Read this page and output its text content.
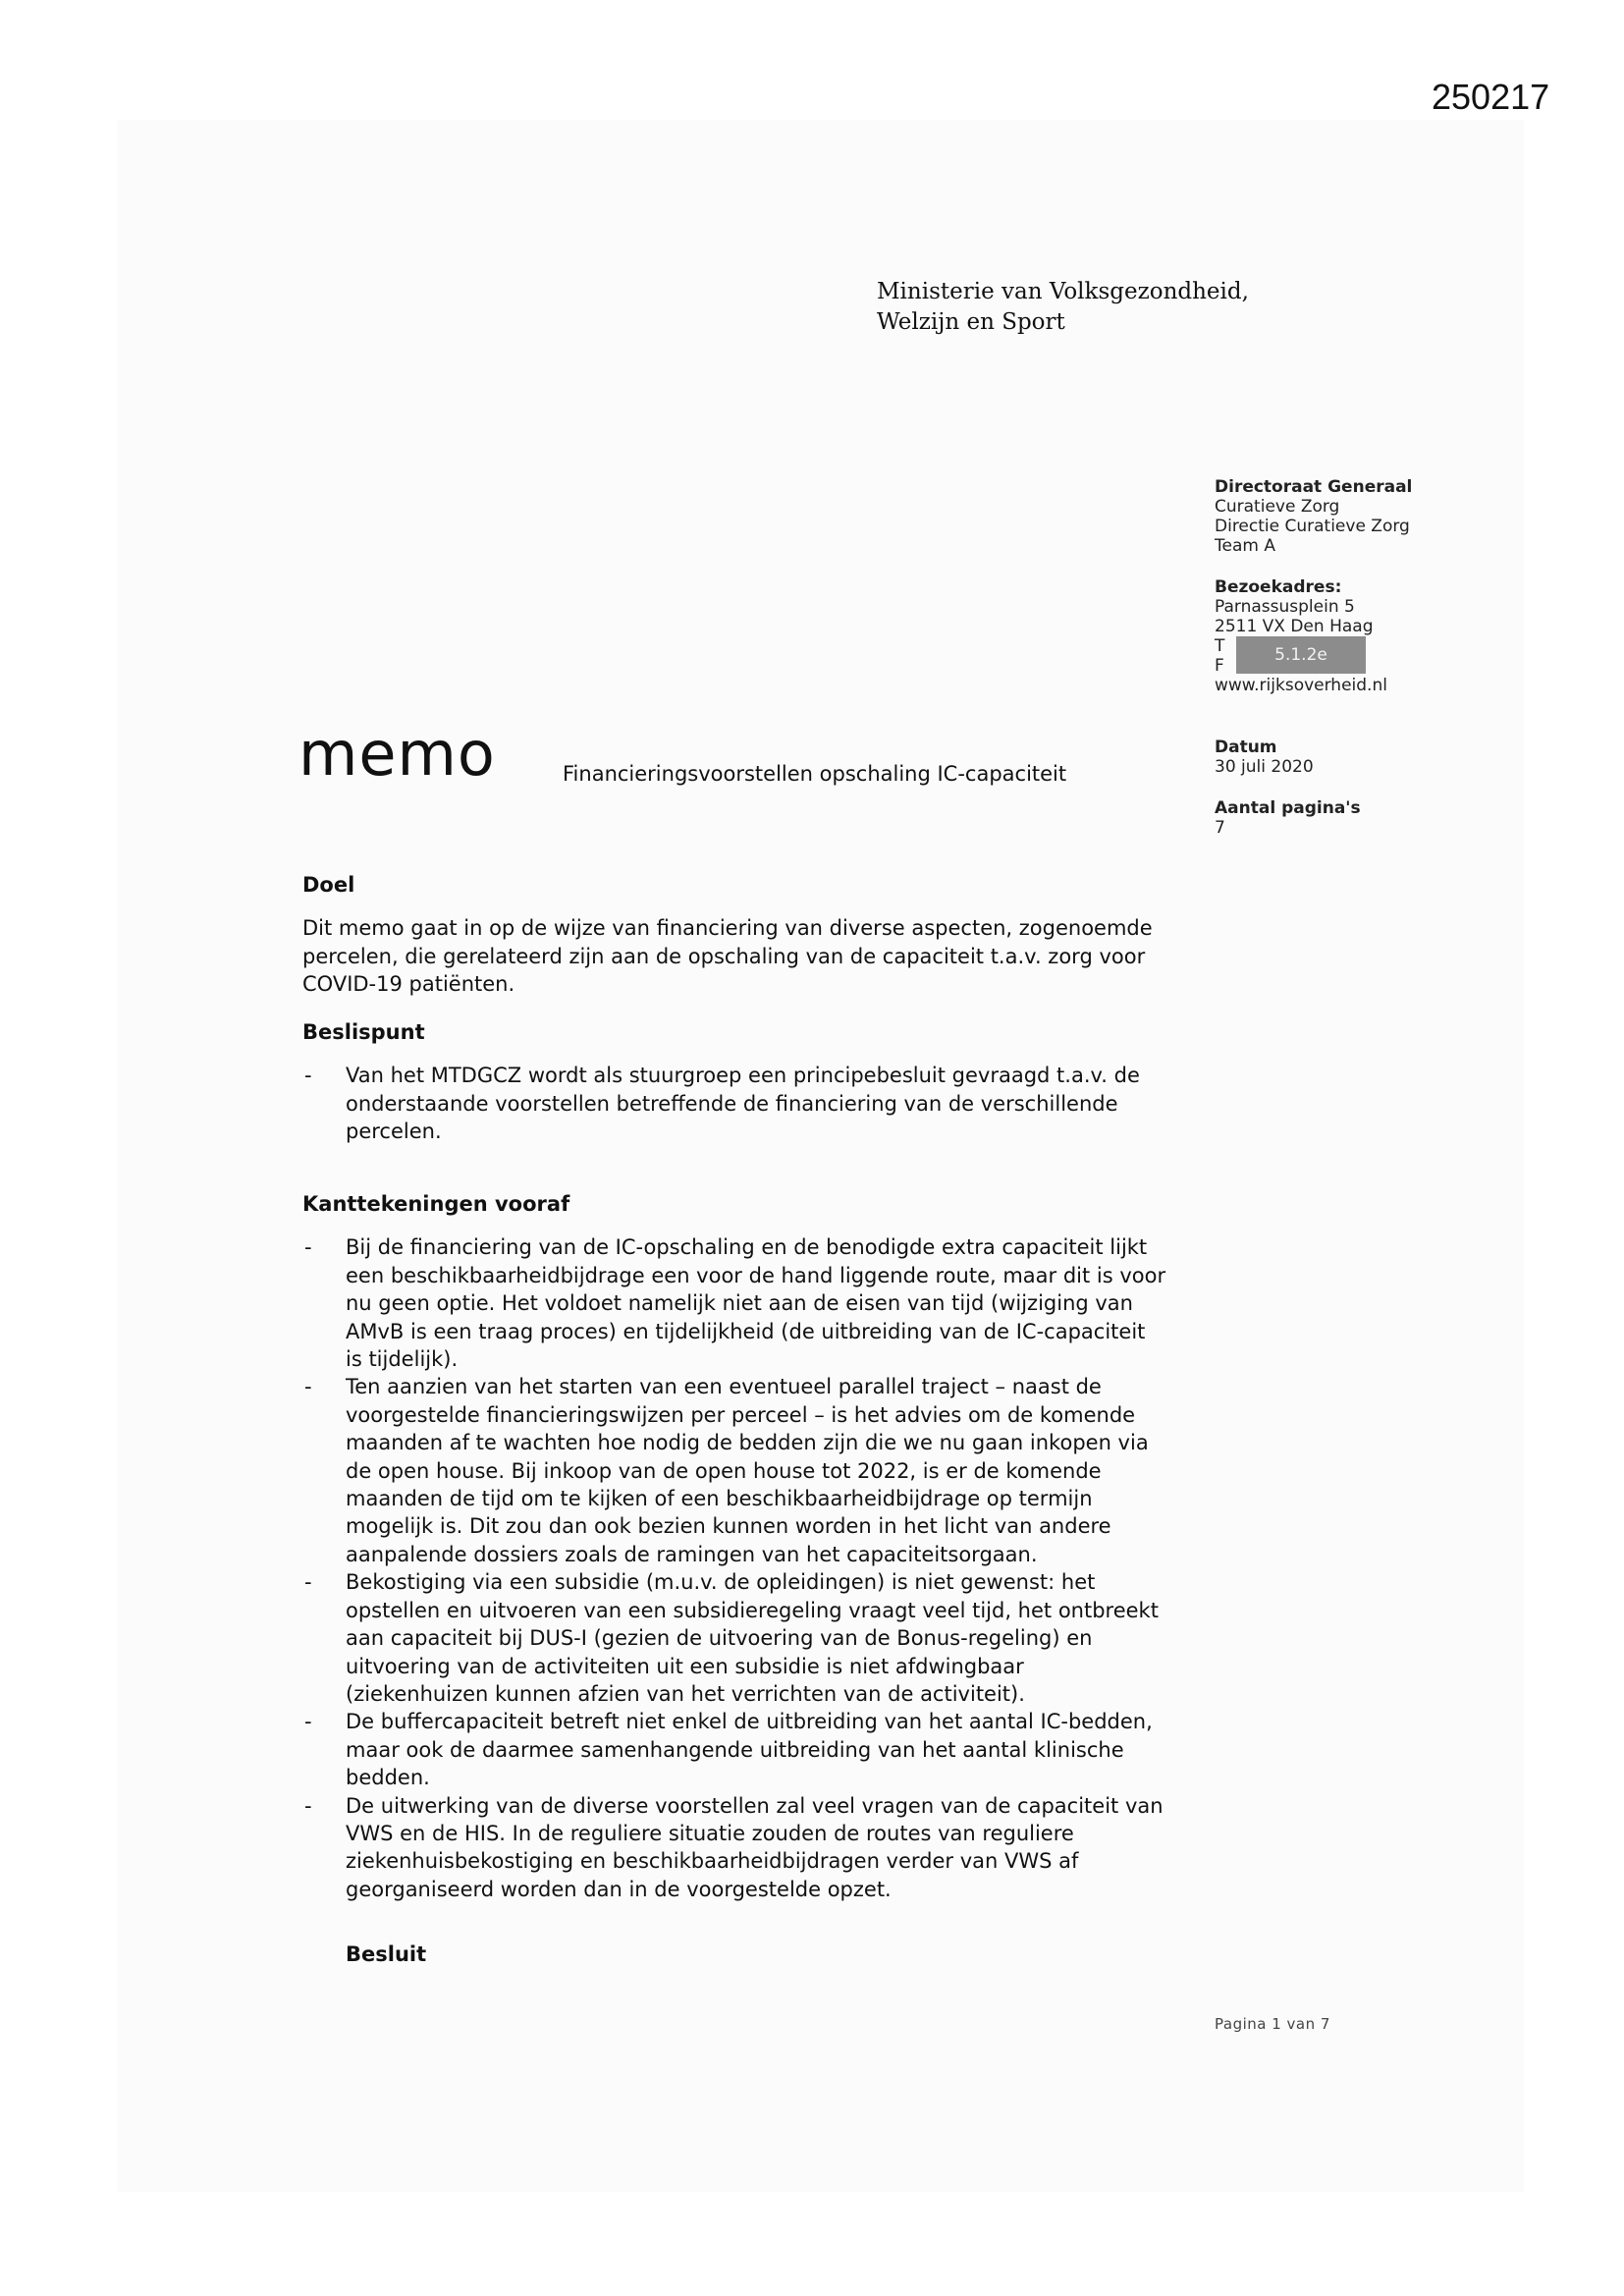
250217
Ministerie van Volksgezondheid,
Welzijn en Sport
Directoraat Generaal
Curatieve Zorg
Directie Curatieve Zorg
Team A
Bezoekadres:
Parnassusplein 5
2511 VX Den Haag
T	5.1.2e
F
www.rijksoverheid.nl
Datum
30 juli 2020
Aantal pagina's
7
memo	Financieringsvoorstellen opschaling IC-capaciteit
Doel
Dit memo gaat in op de wijze van financiering van diverse aspecten, zogenoemde
percelen, die gerelateerd zijn aan de opschaling van de capaciteit t.a.v. zorg voor
COVID-19 patiënten.
Beslispunt
- Van het MTDGCZ wordt als stuurgroep een principebesluit gevraagd t.a.v. de
onderstaande voorstellen betreffende de financiering van de verschillende
percelen.
Kanttekeningen vooraf
- Bij de financiering van de IC-opschaling en de benodigde extra capaciteit lijkt
een beschikbaarheidbijdrage een voor de hand liggende route, maar dit is voor
nu geen optie. Het voldoet namelijk niet aan de eisen van tijd (wijziging van
AMvB is een traag proces) en tijdelijkheid (de uitbreiding van de IC-capaciteit
is tijdelijk).
- Ten aanzien van het starten van een eventueel parallel traject – naast de
voorgestelde financieringswijzen per perceel – is het advies om de komende
maanden af te wachten hoe nodig de bedden zijn die we nu gaan inkopen via
de open house. Bij inkoop van de open house tot 2022, is er de komende
maanden de tijd om te kijken of een beschikbaarheidbijdrage op termijn
mogelijk is. Dit zou dan ook bezien kunnen worden in het licht van andere
aanpalende dossiers zoals de ramingen van het capaciteitsorgaan.
- Bekostiging via een subsidie (m.u.v. de opleidingen) is niet gewenst: het
opstellen en uitvoeren van een subsidieregeling vraagt veel tijd, het ontbreekt
aan capaciteit bij DUS-I (gezien de uitvoering van de Bonus-regeling) en
uitvoering van de activiteiten uit een subsidie is niet afdwingbaar
(ziekenhuizen kunnen afzien van het verrichten van de activiteit).
- De buffercapaciteit betreft niet enkel de uitbreiding van het aantal IC-bedden,
maar ook de daarmee samenhangende uitbreiding van het aantal klinische
bedden.
- De uitwerking van de diverse voorstellen zal veel vragen van de capaciteit van
VWS en de HIS. In de reguliere situatie zouden de routes van reguliere
ziekenhuisbekostiging en beschikbaarheidbijdragen verder van VWS af
georganiseerd worden dan in de voorgestelde opzet.
Besluit
Pagina 1 van 7
